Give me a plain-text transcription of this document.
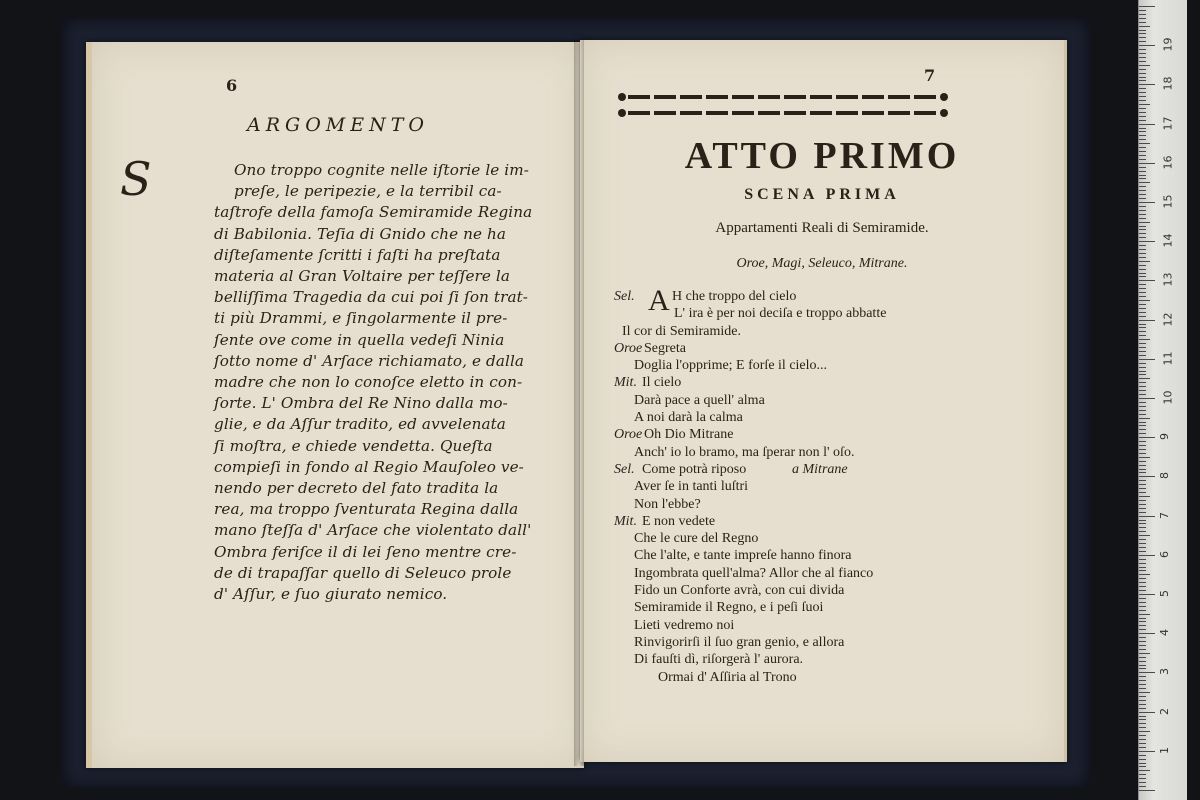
6
ARGOMENTO
S	Ono troppo cognite nelle iſtorie le im-
preſe, le peripezie, e la terribil ca-
taſtrofe della famoſa Semiramide Regina
di Babilonia. Teſia di Gnido che ne ha
diſteſamente ſcritti i faſti ha preſtata
materia al Gran Voltaire per teſſere la
belliſſima Tragedia da cui poi ſi ſon trat-
ti più Drammi, e ſingolarmente il pre-
ſente ove come in quella vedeſi Ninia
ſotto nome d' Arſace richiamato, e dalla
madre che non lo conoſce eletto in con-
ſorte. L' Ombra del Re Nino dalla mo-
glie, e da Aſſur tradito, ed avvelenata
ſi moſtra, e chiede vendetta. Queſta
compieſi in fondo al Regio Mauſoleo ve-
nendo per decreto del fato tradita la
rea, ma troppo ſventurata Regina dalla
mano ſteſſa d' Arſace che violentato dall'
Ombra feriſce il di lei ſeno mentre cre-
de di trapaſſar quello di Seleuco prole
d' Aſſur, e ſuo giurato nemico.
7
ATTO PRIMO
SCENA PRIMA
Appartamenti Reali di Semiramide.
Oroe, Magi, Seleuco, Mitrane.
Sel. A H che troppo del cielo
L' ira è per noi deciſa e troppo abbatte
Il cor di Semiramide.
Oroe Segreta
Doglia l'opprime; E forſe il cielo...
Mit. Il cielo
Darà pace a quell' alma
A noi darà la calma
Oroe Oh Dio Mitrane
Anch' io lo bramo, ma ſperar non l' oſo.
Sel. Come potrà riposo	a Mitrane
Aver ſe in tanti luſtri
Non l'ebbe?
Mit. E non vedete
Che le cure del Regno
Che l'alte, e tante impreſe hanno finora
Ingombrata quell'alma? Allor che al fianco
Fido un Conforte avrà, con cui divida
Semiramide il Regno, e i peſi ſuoi
Lieti vedremo noi
Rinvigorirſi il ſuo gran genio, e allora
Di fauſti dì, riſorgerà l' aurora.
Ormai d' Aſſiria al Trono
1
2
3
4
5
6
7
8
9
10
11
12
13
14
15
16
17
18
19
